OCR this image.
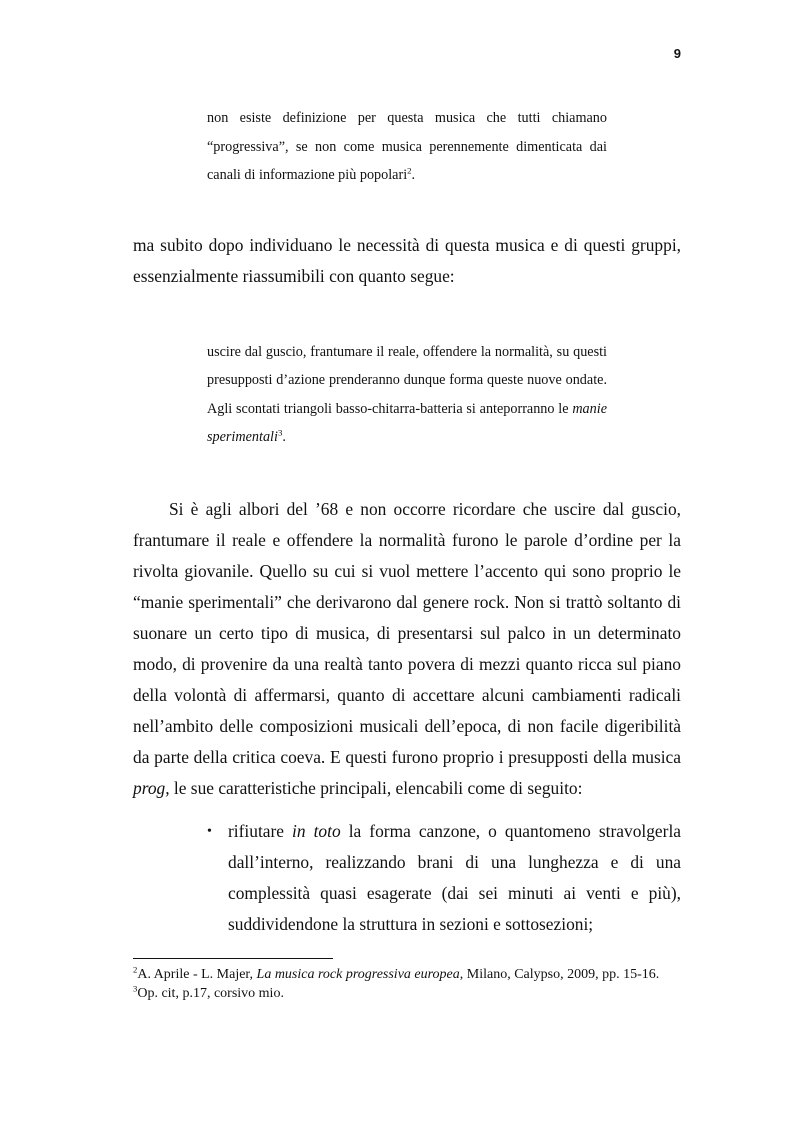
9

non esiste definizione per questa musica che tutti chiamano “progressiva”, se non come musica perennemente dimenticata dai canali di informazione più popolari$^2$.

ma subito dopo individuano le necessità di questa musica e di questi gruppi, essenzialmente riassumibili con quanto segue:

uscire dal guscio, frantumare il reale, offendere la normalità, su questi presupposti d’azione prenderanno dunque forma queste nuove ondate. Agli scontati triangoli basso-chitarra-batteria si anteporranno le manie sperimentali$^3$.

Si è agli albori del ’68 e non occorre ricordare che uscire dal guscio, frantumare il reale e offendere la normalità furono le parole d’ordine per la rivolta giovanile. Quello su cui si vuol mettere l’accento qui sono proprio le “manie sperimentali” che derivarono dal genere rock. Non si trattò soltanto di suonare un certo tipo di musica, di presentarsi sul palco in un determinato modo, di provenire da una realtà tanto povera di mezzi quanto ricca sul piano della volontà di affermarsi, quanto di accettare alcuni cambiamenti radicali nell’ambito delle composizioni musicali dell’epoca, di non facile digeribilità da parte della critica coeva. E questi furono proprio i presupposti della musica prog, le sue caratteristiche principali, elencabili come di seguito:

• rifiutare in toto la forma canzone, o quantomeno stravolgerla dall’interno, realizzando brani di una lunghezza e di una complessità quasi esagerate (dai sei minuti ai venti e più), suddividendone la struttura in sezioni e sottosezioni;

$^2$A. Aprile - L. Majer, La musica rock progressiva europea, Milano, Calypso, 2009, pp. 15-16.

$^3$Op. cit, p.17, corsivo mio.
